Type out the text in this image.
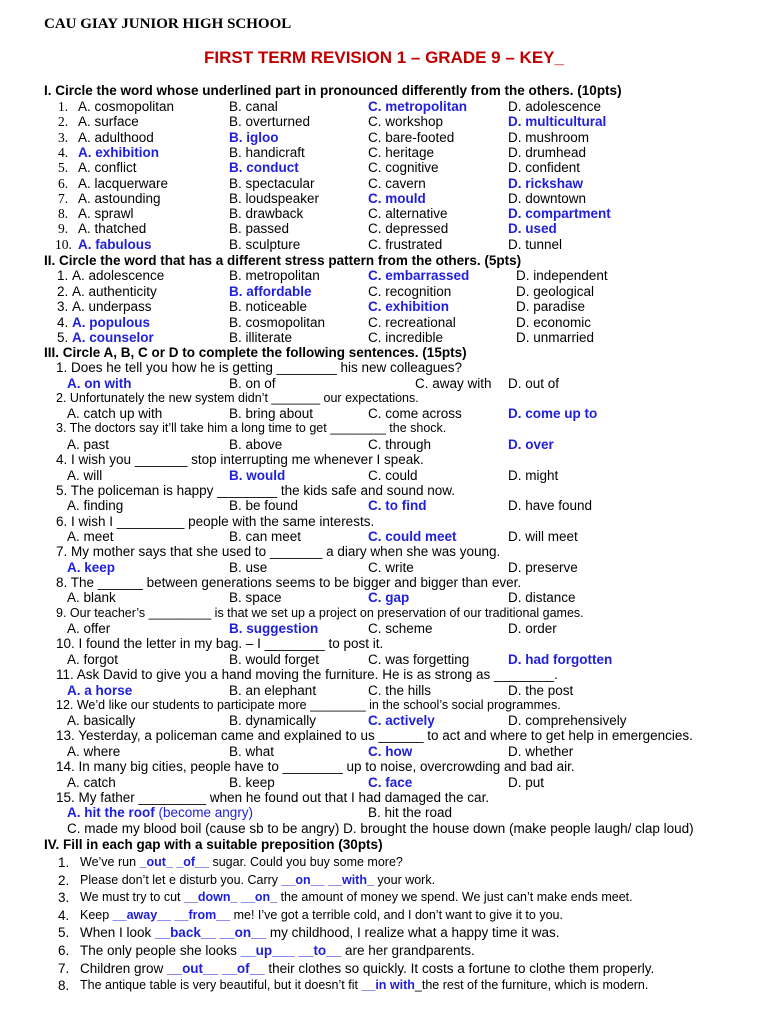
CAU GIAY JUNIOR HIGH SCHOOL
FIRST TERM REVISION 1 – GRADE 9 – KEY_
I. Circle the word whose underlined part in pronounced differently from the others. (10pts)
1. A. cosmopolitan	B. canal	C. metropolitan	D. adolescence
2. A. surface	B. overturned	C. workshop	D. multicultural
3. A. adulthood	B. igloo	C. bare-footed	D. mushroom
4. A. exhibition	B. handicraft	C. heritage	D. drumhead
5. A. conflict	B. conduct	C. cognitive	D. confident
6. A. lacquerware	B. spectacular	C. cavern	D. rickshaw
7. A. astounding	B. loudspeaker	C. mould	D. downtown
8. A. sprawl	B. drawback	C. alternative	D. compartment
9. A. thatched	B. passed	C. depressed	D. used
10. A. fabulous	B. sculpture	C. frustrated	D. tunnel
II. Circle the word that has a different stress pattern from the others. (5pts)
1. A. adolescence	B. metropolitan	C. embarrassed	D. independent
2. A. authenticity	B. affordable	C. recognition	D. geological
3. A. underpass	B. noticeable	C. exhibition	D. paradise
4. A. populous	B. cosmopolitan	C. recreational	D. economic
5. A. counselor	B. illiterate	C. incredible	D. unmarried
III. Circle A, B, C or D to complete the following sentences. (15pts)
1. Does he tell you how he is getting ________ his new colleagues?
A. on with	B. on of	C. away with D. out of
2. Unfortunately the new system didn’t _______ our expectations.
A. catch up with	B. bring about	C. come across	D. come up to
3. The doctors say it’ll take him a long time to get ________ the shock.
A. past	B. above	C. through	D. over
4. I wish you _______ stop interrupting me whenever I speak.
A. will	B. would	C. could	D. might
5. The policeman is happy ________ the kids safe and sound now.
A. finding	B. be found	C. to find	D. have found
6. I wish I _________ people with the same interests.
A. meet	B. can meet	C. could meet	D. will meet
7. My mother says that she used to _______ a diary when she was young.
A. keep	B. use	C. write	D. preserve
8. The ______ between generations seems to be bigger and bigger than ever.
A. blank	B. space	C. gap	D. distance
9. Our teacher’s _________ is that we set up a project on preservation of our traditional games.
A. offer	B. suggestion	C. scheme	D. order
10. I found the letter in my bag. – I ________ to post it.
A. forgot	B. would forget	C. was forgetting	D. had forgotten
11. Ask David to give you a hand moving the furniture. He is as strong as ________.
A. a horse	B. an elephant	C. the hills	D. the post
12. We’d like our students to participate more ________ in the school’s social programmes.
A. basically	B. dynamically	C. actively	D. comprehensively
13. Yesterday, a policeman came and explained to us ______ to act and where to get help in emergencies.
A. where	B. what	C. how	D. whether
14. In many big cities, people have to ________ up to noise, overcrowding and bad air.
A. catch	B. keep	C. face	D. put
15. My father _________ when he found out that I had damaged the car.
A. hit the roof (become angry)	B. hit the road
C. made my blood boil (cause sb to be angry) D. brought the house down (make people laugh/ clap loud)
IV. Fill in each gap with a suitable preposition (30pts)
1. We’ve run _out_ _of__ sugar. Could you buy some more?
2. Please don’t let e disturb you. Carry __on__ __with_ your work.
3. We must try to cut __down_ __on_ the amount of money we spend. We just can’t make ends meet.
4. Keep __away__ __from__ me! I’ve got a terrible cold, and I don’t want to give it to you.
5. When I look __back__ __on__ my childhood, I realize what a happy time it was.
6. The only people she looks __up___ __to__ are her grandparents.
7. Children grow __out__ __of__ their clothes so quickly. It costs a fortune to clothe them properly.
8. The antique table is very beautiful, but it doesn’t fit __in with_the rest of the furniture, which is modern.
